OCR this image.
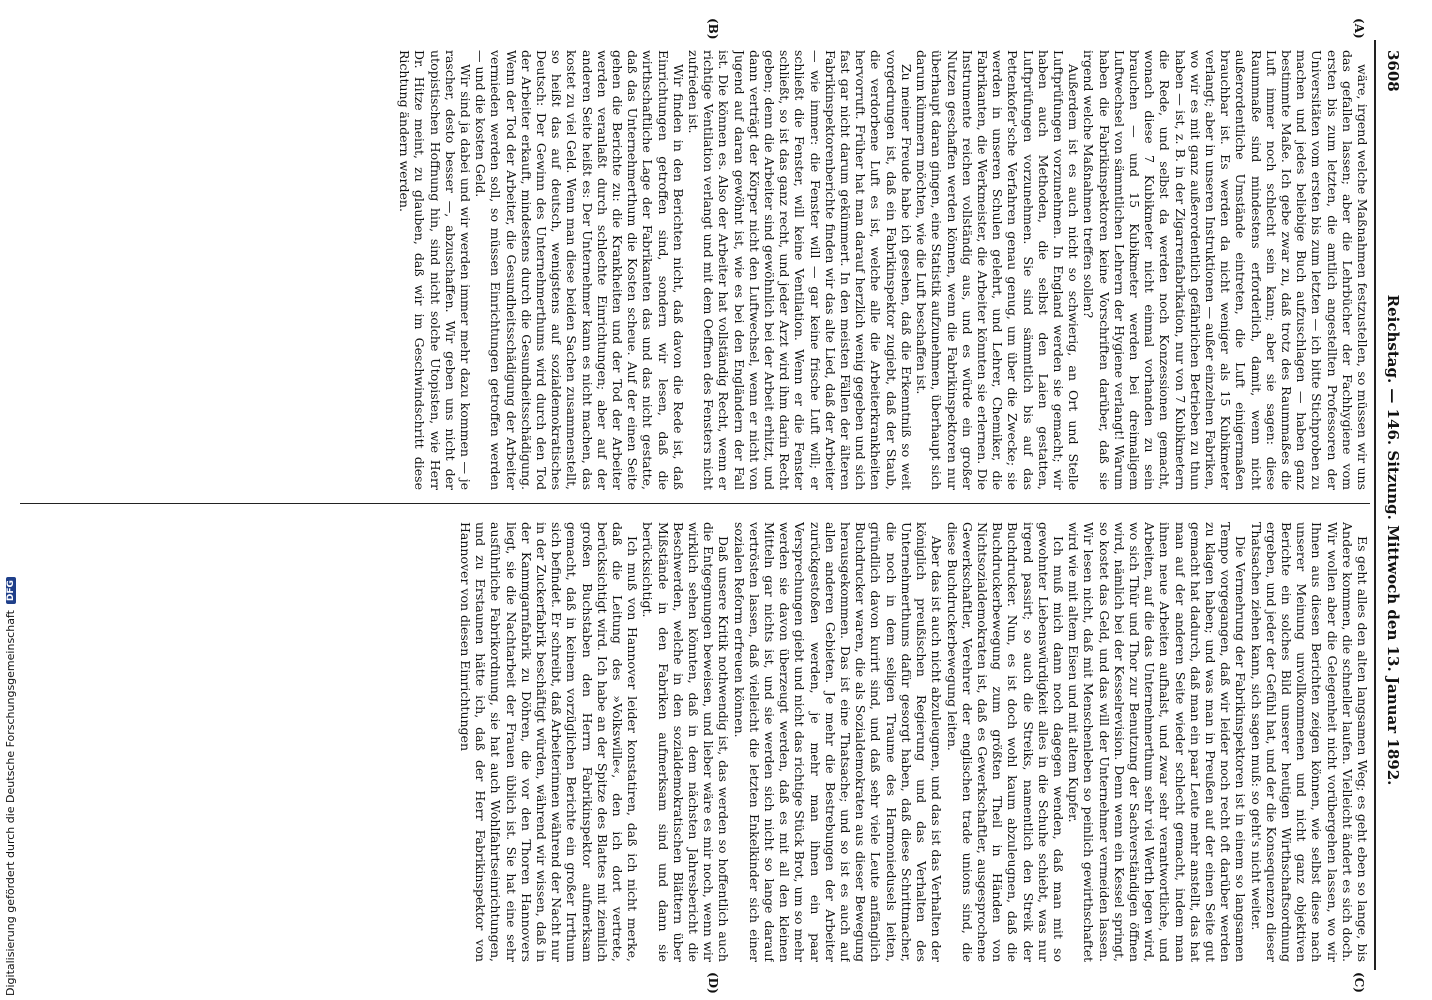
3608
Reichstag. — 146. Sitzung. Mittwoch den 13. Januar 1892.
(A)
(B)
(C)
(D)

wäre, irgend welche Maßnahmen festzustellen, so müssen wir uns das gefallen lassen; aber die Lehrbücher der Fachhygiene vom ersten bis zum letzten, die amtlich angestellten Professoren der Universitäten vom ersten bis zum letzten — ich bitte Stichproben zu machen und jedes beliebige Buch aufzuschlagen — haben ganz bestimmte Maße. Ich gebe zwar zu, daß trotz des Raummaßes die Luft immer noch schlecht sein kann; aber sie sagen: diese Raummaße sind mindestens erforderlich, damit, wenn nicht außerordentliche Umstände eintreten, die Luft einigermaßen brauchbar ist. Es werden da nicht weniger als 15 Kubikmeter verlangt; aber in unseren Instruktionen — außer einzelnen Fabriken, wo wir es mit ganz außerordentlich gefährlichen Betrieben zu thun haben — ist, z. B. in der Zigarrenfabrikation, nur von 7 Kubikmetern die Rede, und selbst da werden noch Konzessionen gemacht, wonach diese 7 Kubikmeter nicht einmal vorhanden zu sein brauchen — und 15 Kubikmeter werden bei dreimaligem Luftwechsel von sämmtlichen Lehrern der Hygiene verlangt! Warum haben die Fabrikinspektoren keine Vorschriften darüber, daß sie irgend welche Maßnahmen treffen sollen?

Außerdem ist es auch nicht so schwierig, an Ort und Stelle Luftprüfungen vorzunehmen. In England werden sie gemacht; wir haben auch Methoden, die selbst den Laien gestatten, Luftprüfungen vorzunehmen. Sie sind sämmtlich bis auf das Pettenkofer'sche Verfahren genau genug, um über die Zwecke; sie werden in unseren Schulen gelehrt, und Lehrer, Chemiker, die Fabrikanten, die Werkmeister, die Arbeiter könnten sie erlernen. Die Instrumente reichen vollständig aus, und es würde ein großer Nutzen geschaffen werden können, wenn die Fabrikinspektoren nur überhaupt daran gingen, eine Statistik aufzunehmen, überhaupt sich darum kümmern möchten, wie die Luft beschaffen ist.

Zu meiner Freude habe ich gesehen, daß die Erkenntniß so weit vorgedrungen ist, daß ein Fabrikinspektor zugiebt, daß der Staub, die verdorbene Luft es ist, welche alle die Arbeiterkrankheiten hervorruft. Früher hat man darauf herzlich wenig gegeben und sich fast gar nicht darum gekümmert. In den meisten Fällen der älteren Fabrikinspektorenberichte finden wir das alte Lied, daß der Arbeiter — wie immer: die Fenster will — gar keine frische Luft will; er schließt die Fenster, will keine Ventilation. Wenn er die Fenster schließt, so ist das ganz recht, und jeder Arzt wird ihm darin Recht geben; denn die Arbeiter sind gewöhnlich bei der Arbeit erhitzt, und dann verträgt der Körper nicht den Luftwechsel, wenn er nicht von Jugend auf daran gewöhnt ist, wie es bei den Engländern der Fall ist. Die können es. Also der Arbeiter hat vollständig Recht, wenn er richtige Ventilation verlangt und mit dem Oeffnen des Fensters nicht zufrieden ist.

Wir finden in den Berichten nicht, daß davon die Rede ist, daß Einrichtungen getroffen sind, sondern wir lesen, daß die wirthschaftliche Lage der Fabrikanten das und das nicht gestatte, daß das Unternehmerthum die Kosten scheue. Auf der einen Seite gehen die Berichte zu: die Krankheiten und der Tod der Arbeiter werden veranlaßt durch schlechte Einrichtungen; aber auf der anderen Seite heißt es: Der Unternehmer kann es nicht machen, das kostet zu viel Geld. Wenn man diese beiden Sachen zusammenstellt, so heißt das auf deutsch, wenigstens auf sozialdemokratisches Deutsch: Der Gewinn des Unternehmerthums wird durch den Tod der Arbeiter erkauft, mindestens durch die Gesundheitsschädigung. Wenn der Tod der Arbeiter, die Gesundheitsschädigung der Arbeiter vermieden werden soll, so müssen Einrichtungen getroffen werden — und die kosten Geld.

Wir sind ja dabei und wir werden immer mehr dazu kommen — je rascher, desto besser —, abzuschaffen. Wir geben uns nicht der utopistischen Hoffnung hin, sind nicht solche Utopisten, wie Herr Dr. Hitze meint, zu glauben, daß wir im Geschwindschritt diese Richtung ändern werden.

Es geht alles den alten langsamen Weg; es geht eben so lange, bis Andere kommen, die schneller laufen. Vielleicht ändert es sich doch. Wir wollen aber die Gelegenheit nicht vorübergehen lassen, wo wir Ihnen aus diesen Berichten zeigen können, wie selbst diese nach unserer Meinung unvollkommenen und nicht ganz objektiven Berichte ein solches Bild unserer heutigen Wirthschaftsordnung ergeben, und jeder der Gefühl hat, und der die Konsequenzen dieser Thatsachen ziehen kann, sich sagen muß: so geht's nicht weiter.

Die Vermehrung der Fabrikinspektoren ist in einem so langsamen Tempo vorgegangen, daß wir leider noch recht oft darüber werden zu klagen haben; und was man in Preußen auf der einen Seite gut gemacht hat dadurch, daß man ein paar Leute mehr anstellt, das hat man auf der anderen Seite wieder schlecht gemacht, indem man ihnen neue Arbeiten aufhalst, und zwar sehr verantwortliche, und Arbeiten, auf die das Unternehmerthum sehr viel Werth legen wird, wo sich Thür und Thor zur Benutzung der Sachverständigen öffnen wird, nämlich bei der Kesselrevision. Denn wenn ein Kessel springt, so kostet das Geld, und das will der Unternehmer vermeiden lassen. Wir lesen nicht, daß mit Menschenleben so peinlich gewirthschaftet wird wie mit altem Eisen und mit altem Kupfer.

Ich muß mich dann noch dagegen wenden, daß man mit so gewohnter Liebenswürdigkeit alles in die Schuhe schiebt, was nur irgend passirt; so auch die Streiks, namentlich den Streik der Buchdrucker. Nun, es ist doch wohl kaum abzuleugnen, daß die Buchdruckerbewegung zum größten Theil in Händen von Nichtsozialdemokraten ist, daß es Gewerkschaftler, ausgesprochene Gewerkschaftler, Verehrer der englischen trade unions sind, die diese Buchdruckerbewegung leiten.

Aber das ist auch nicht abzuleugnen, und das ist das Verhalten der königlich preußischen Regierung und das Verhalten des Unternehmerthums dafür gesorgt haben, daß diese Schrittmacher, die noch in dem seligen Traume des Harmoniedusels leiten, gründlich davon kurirt sind, und daß sehr viele Leute anfänglich Buchdrucker waren, die als Sozialdemokraten aus dieser Bewegung herausgekommen. Das ist eine Thatsache; und so ist es auch auf allen anderen Gebieten. Je mehr die Bestrebungen der Arbeiter zurückgestoßen werden, je mehr man ihnen ein paar Versprechungen giebt und nicht das richtige Stück Brot, um so mehr werden sie davon überzeugt werden, daß es mit all den kleinen Mitteln gar nichts ist, und sie werden sich nicht so lange darauf vertrösten lassen, daß vielleicht die letzten Enkelkinder sich einer sozialen Reform erfreuen können.

Daß unsere Kritik nothwendig ist, das werden so hoffentlich auch die Entgegnungen beweisen, und lieber wäre es mir noch, wenn wir wirklich sehen könnten, daß in dem nächsten Jahresbericht die Beschwerden, welche in den sozialdemokratischen Blättern über Mißstände in den Fabriken aufmerksam sind und dann sie berücksichtigt.

Ich muß von Hannover leider konstatiren, daß ich nicht merke, daß die Leitung des »Volkswille«, den ich dort vertrete, berücksichtigt wird. Ich habe an der Spitze des Blattes mit ziemlich großen Buchstaben den Herrn Fabrikinspektor aufmerksam gemacht, daß in keinem vorzüglichen Berichte ein großer Irrthum sich befindet. Er schreibt, daß Arbeiterinnen während der Nacht nur in der Zuckerfabrik beschäftigt würden, während wir wissen, daß in der Kammgarnfabrik zu Döhren, die vor den Thoren Hannovers liegt, sie die Nachtarbeit der Frauen üblich ist. Sie hat eine sehr ausführliche Fabrikordnung, sie hat auch Wohlfahrtseinrichtungen, und zu Erstaunen hätte ich, daß der Herr Fabrikinspektor von Hannover von diesen Einrichtungen

Digitalisierung gefördert durch die Deutsche ForschungsgemeinschaftDFG
